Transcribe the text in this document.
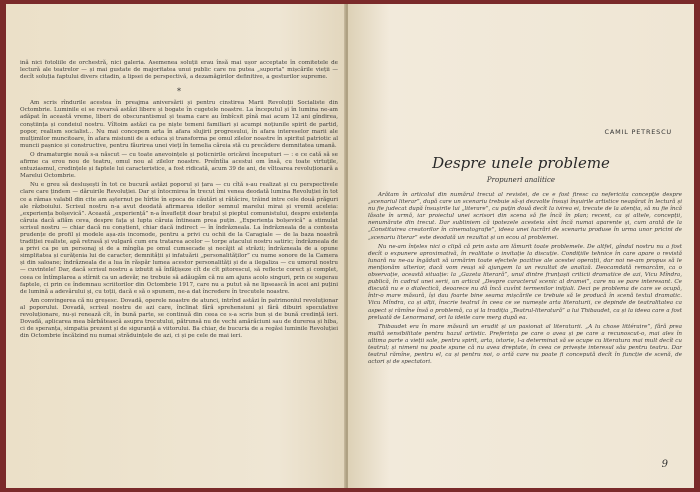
ină nici fotoliile de orchestră, nici galeria. Asemenea soluții erau însă mai ușor acceptate în comitetele de lectură ale teatrelor — și mai gustate de majoritatea unui public care nu putea „suporta” mișcările vieții — decît soluția faptului divers citadin, a lipsei de perspectivă, a dezamăgirilor definitive, a gesturilor supreme.

*

Am scris rîndurile acestea în preajma aniversării și pentru cinstirea Marii Revoluții Socialiste din Octombrie. Luminile ei se revarsă astăzi libere și bogate în cugetele noastre. La începutul și în lumina ne-am adăpat în această vreme, liberi de obscurantismul și teama care au îmbîcsit pînă mai acum 12 ani gîndirea, conștiința și condeiul nostru. Vîltoim astăzi ca pe niște temeni familiari și acumpi noțiunile spirit de partid, popor, realism socialist... Nu mai concepem arta în afara slujirii progresului, în afara intereselor marii ale mulțimilor muncitoare, în afara misiunii de a educa și transforma pe omul zilelor noastre în spiritul patriotic al muncii pașnice și constructive, pentru făurirea unei vieți în temelia căreia stă cu precădere demnitatea umană.

O dramaturgie nouă s-a născut — cu toate anevoințele și poticnirile oricărei începuturi — : e ce cată să se afirme ca erou nou de teatru, omul nou al zilelor noastre. Preîntîia acestui om însă, cu toate virtuțile, entuziasmul, credințele și faptele lui caracteristice, a fost ridicată, acum 39 de ani, de vîltoarea revoluționară a Marelui Octombrie.

Nu e greu să deslușești în tot ce bucură astăzi poporul și țara — cu cîtă s-au realizat și cu perspectivele clare care țindem — dăruirile Revoluției. Dar și întocmirea în trecut îmi venea deodată lumina Revoluției în tot ce a rămas valabil din cite am așternut pe hîrtie în epoca de căutări și rătăcire, trăind intre cele două prăguri ale războiului. Scrisul nostru n-a avut deodată afirmarea ideilor semnul marelui mirai și vremii aceleia: „experiența bolșevică”. Această „experiență” n-a însuflețit doar brațul și pieptul comunistului, despre existența căruia dacă aflăm ceva, despre fața și lupta căruia întineam prea puțin. „Experiența bolșevică” a stimulat scrisul nostru — chiar dacă nu conștient, chiar dacă indirect — în îndrăzneala. La îndrăzneala de a contesta prudențe de profil și modele așa-zis incomode, pentru a privi cu ochii de la Caragiale — de la baza noastră tradiției realiste, apă retrasă și vulgară cum era tratarea acelor — torpe atacului nostru satiric; îndrăzneala de a privi ca pe un personaj și de a mîngîia pe omul cumsecade și necăjit al străzii; îndrăzneala de a opune simplitatea și curățenia lui de caracter, demnității și infatuării „personalităților” cu nume sonore de la Camera și din saloane; îndrăzneala de a lua în răspăr lumea acestor personalități și de a ilegaliza — cu umorul nostru — cuvintele! Dar, dacă scrisul nostru a izbutit să înfățișeze cît de cît pitorescul, să reflecte corect și complet, ceea ce întîmplarea a stîrnit ca un adevăr, ne trebuie să adăugăm că nu am ajuns acolo singuri, prin ce sugerau faptele, ci prin ce îndemnau scriitorilor din Octombrie 1917, care nu a putut să ne lipsească în acei ani puțini de lumină a adevărului și, cu toții, dacă e să o spunem, ne-a dat încredere în trecutele noastre.

Am convingerea că nu greșesc. Dovadă, operele noastre de atunci, intrînd astăzi în patrimoniul revoluționar al poporului. Dovadă, scrisul nostru de azi care, înclinat fără sprehensiuni și fără dibuiri speculative revoluționare, nu-și renează cît, în bună parte, se continuă din ceea ce s-a scris bun și de bună credință ieri. Dovadă, aplicarea mea bărbătească asupra trecutului, pătrunsă nu de vechi amărăciuni sau de durerea și hiba, ci de speranța, simpatia prezent și de siguranță a viitorului. Ba chiar, de bucuria de a regăsi luminile Revoluției din Octombrie încălzind nu numai străduințele de azi, ci și pe cele de mai ieri.

CAMIL PETRESCU
Despre unele probleme
Propuneri analitice

Arătam în articolul din numărul trecut al revistei, de ce e fost firesc ca nefericita concepție despre „scenariul literar”, după care un scenariu trebuie să-și dezvolte însuși înșuirile artistice neapărat în lectură și nu fie judecat după însușirile lui „literare”, cu puțin două decît la ivirea ei, trecute de la atenția, să nu fie încă lăsate în urmă, iar proiectul unei scrisori din scena să fie încă în plan; recent, ca și altele, concepții, nenumărate din trecut. Dar subliniem că ipotezele acesteia sînt încă numai aparente și, cum arată de la „Constituirea creatorilor în cinematografie”, ideea unei lucrări de scenariu produse în urma unor pricini de „scenariu literar” este deodată un rezultat și un ecou al problemei.

Nu ne-am înțeles nici o clipă că prin asta am lămurit toate problemele. De altfel, gîndul nostru nu a fost decît o expunere aproximativă, în realitate o invitație la discuție. Condițiile tehnice în care apare o revistă lunară nu ne-au îngăduit să urmărim toate efectele pozitive ale acestei operații, dar noi ne-am propus să le menționăm ulterior, dacă vom reuși să ajungem la un rezultat de analiză. Deocamdată remarcăm, ca o observație, această situație: la „Gazeta literară”, unul dintre frunțașii criticii dramatice de azi, Vicu Mîndra, publică, în cadrul unei serii, un articol „Despre caracterul scenic al dramei”, care nu se pare interesant. Ce discută nu e o dialectică, deoarece nu dă încă cuvînt termenilor inițiali. Deci pe problema de care se ocupă, într-o mare măsură, își dau foarte bine seama mișcările ce trebuie să le producă în scenă textul dramatic. Vicu Mîndra, ca și alții, înscrie teatrul în ceea ce se numește arta literaturii, ce depinde de teatralitatea ca aspect și rămîne însă o problemă, ca și la tradiția „Teatrul-literatură” a lui Thibaudet, ca și la ideea care a fost preluată de Lenormand, ori la ideile care merg după ea.

Thibaudet era în mare măsură un erudit și un pasionat al literaturii. „A lu chose littéraire”, fără prea multă sensibilitate pentru hazul artistic. Preferința pe care o avea și pe care a recunoscut-o, mai ales în ultima parte a vieții sale, pentru spirit, arta, istorie, l-a determinat să se ocupe cu literatura mai mult decît cu teatrul; și nimeni nu poate spune că nu avea dreptate, în ceea ce privește interesul său pentru teatru. Dar teatrul rămîne, pentru el, ca și pentru noi, o artă care nu poate fi concepută decît în funcție de scenă, de actori și de spectatori.

9
